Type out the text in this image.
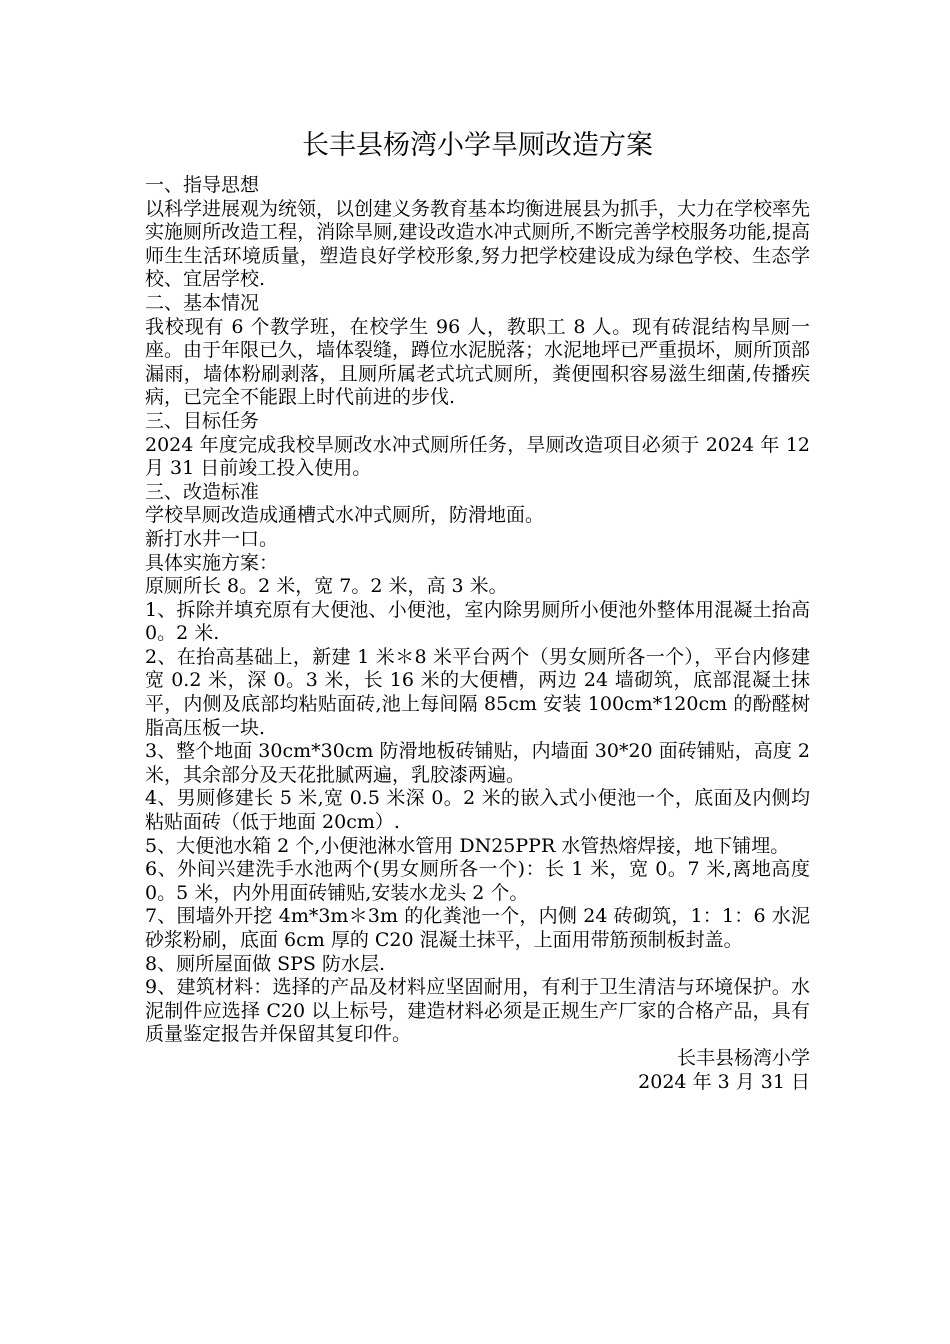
长丰县杨湾小学旱厕改造方案

一、指导思想

以科学进展观为统领，以创建义务教育基本均衡进展县为抓手，大力在学校率先实施厕所改造工程，消除旱厕,建设改造水冲式厕所,不断完善学校服务功能,提高师生生活环境质量，塑造良好学校形象,努力把学校建设成为绿色学校、生态学校、宜居学校.

二、基本情况

我校现有 6 个教学班，在校学生 96 人，教职工 8 人。现有砖混结构旱厕一座。由于年限已久，墙体裂缝，蹲位水泥脱落；水泥地坪已严重损坏，厕所顶部漏雨，墙体粉刷剥落，且厕所属老式坑式厕所，粪便囤积容易滋生细菌,传播疾病，已完全不能跟上时代前进的步伐.

三、目标任务

2024 年度完成我校旱厕改水冲式厕所任务，旱厕改造项目必须于 2024 年 12 月 31 日前竣工投入使用。

三、改造标准

学校旱厕改造成通槽式水冲式厕所，防滑地面。

新打水井一口。

具体实施方案：

原厕所长 8。2 米，宽 7。2 米，高 3 米。

1、拆除并填充原有大便池、小便池，室内除男厕所小便池外整体用混凝土抬高 0。2 米.

2、在抬高基础上，新建 1 米＊8 米平台两个（男女厕所各一个），平台内修建宽 0.2 米，深 0。3 米，长 16 米的大便槽，两边 24 墙砌筑，底部混凝土抹平，内侧及底部均粘贴面砖,池上每间隔 85cm 安装 100cm*120cm 的酚醛树脂高压板一块.

3、整个地面 30cm*30cm 防滑地板砖铺贴，内墙面 30*20 面砖铺贴，高度 2 米，其余部分及天花批腻两遍，乳胶漆两遍。

4、男厕修建长 5 米,宽 0.5 米深 0。2 米的嵌入式小便池一个，底面及内侧均粘贴面砖（低于地面 20cm）.

5、大便池水箱 2 个,小便池淋水管用 DN25PPR 水管热熔焊接，地下铺埋。

6、外间兴建洗手水池两个(男女厕所各一个)：长 1 米，宽 0。7 米,离地高度 0。5 米，内外用面砖铺贴,安装水龙头 2 个。

7、围墙外开挖 4m*3m＊3m 的化粪池一个，内侧 24 砖砌筑，1：1：6 水泥砂浆粉刷，底面 6cm 厚的 C20 混凝土抹平，上面用带筋预制板封盖。

8、厕所屋面做 SPS 防水层.

9、建筑材料：选择的产品及材料应坚固耐用，有利于卫生清洁与环境保护。水泥制件应选择 C20 以上标号，建造材料必须是正规生产厂家的合格产品，具有质量鉴定报告并保留其复印件。

长丰县杨湾小学

2024 年 3 月 31 日
